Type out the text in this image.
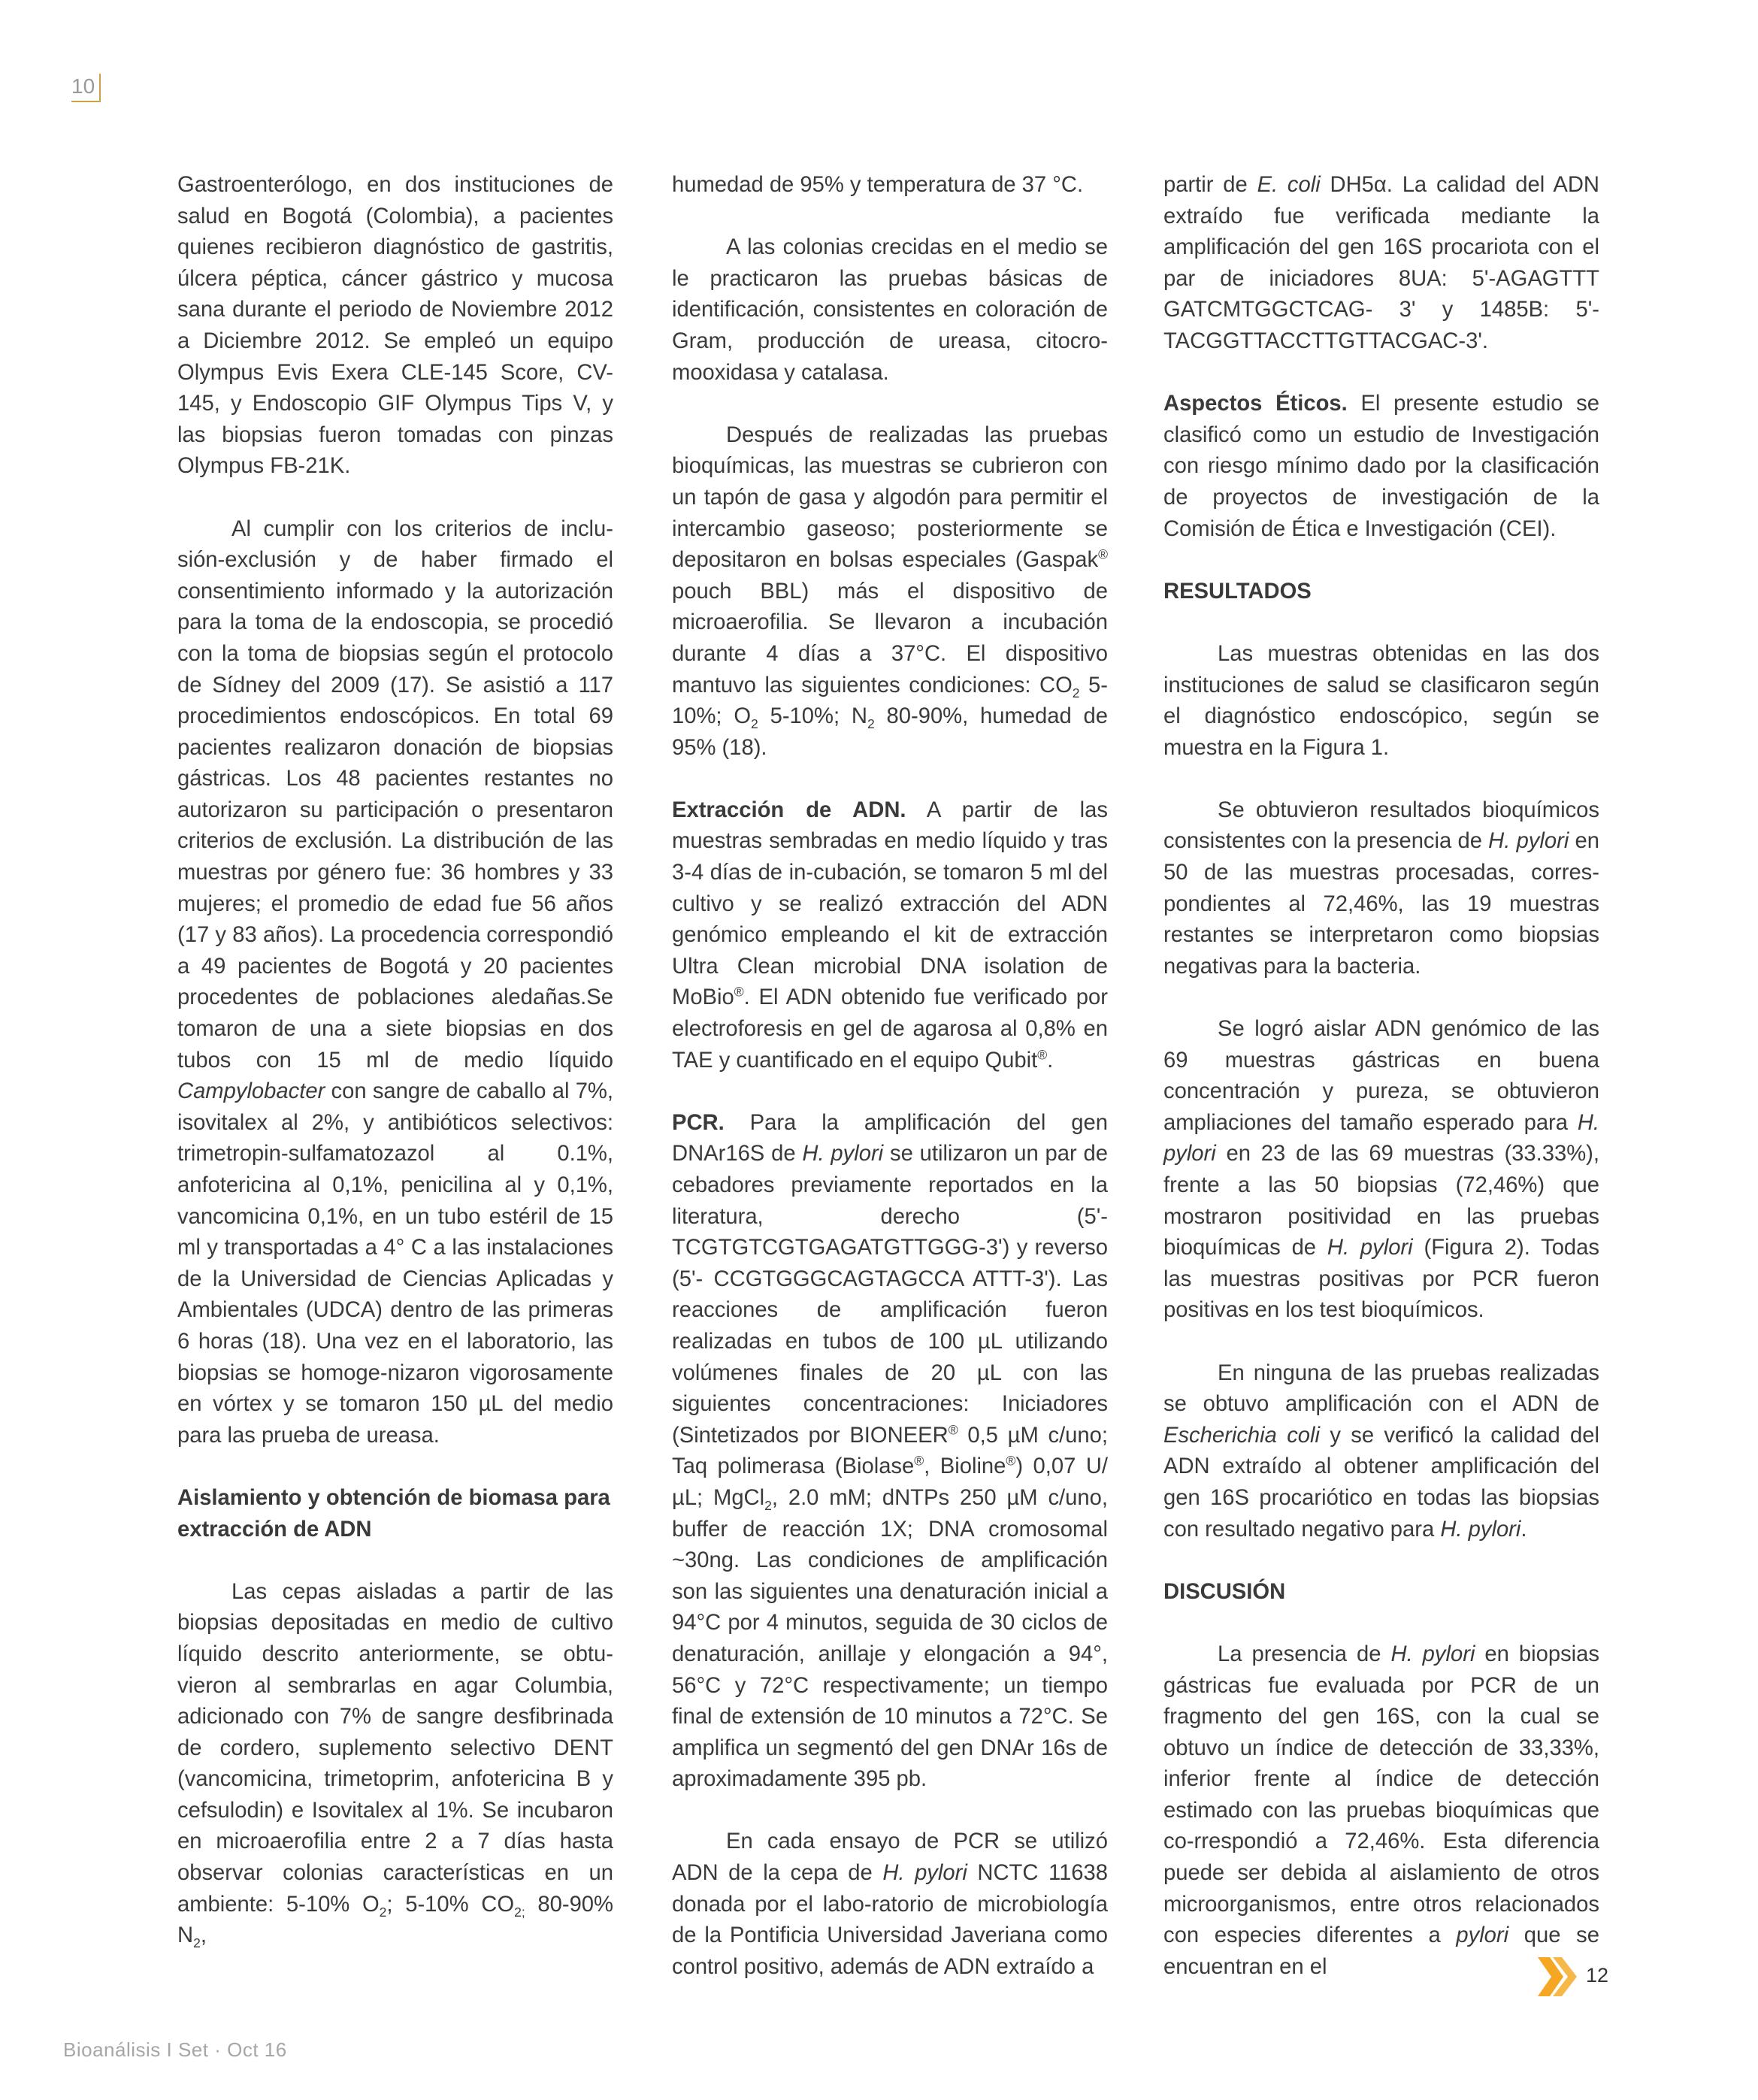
10

Gastroenterólogo, en dos instituciones de salud en Bogotá (Colombia), a pacientes quienes recibieron diagnóstico de gastritis, úlcera péptica, cáncer gástrico y mucosa sana durante el periodo de Noviembre 2012 a Diciembre 2012. Se empleó un equipo Olympus Evis Exera CLE-145 Score, CV-145, y Endoscopio GIF Olympus Tips V, y las biopsias fueron tomadas con pinzas Olympus FB-21K.

Al cumplir con los criterios de inclu-sión-exclusión y de haber firmado el consentimiento informado y la autorización para la toma de la endoscopia, se procedió con la toma de biopsias según el protocolo de Sídney del 2009 (17). Se asistió a 117 procedimientos endoscópicos. En total 69 pacientes realizaron donación de biopsias gástricas. Los 48 pacientes restantes no autorizaron su participación o presentaron criterios de exclusión. La distribución de las muestras por género fue: 36 hombres y 33 mujeres; el promedio de edad fue 56 años (17 y 83 años). La procedencia correspondió a 49 pacientes de Bogotá y 20 pacientes procedentes de poblaciones aledañas.Se tomaron de una a siete biopsias en dos tubos con 15 ml de medio líquido Campylobacter con sangre de caballo al 7%, isovitalex al 2%, y antibióticos selectivos: trimetropin-sulfamatozazol al 0.1%, anfotericina al 0,1%, penicilina al y 0,1%, vancomicina 0,1%, en un tubo estéril de 15 ml y transportadas a 4° C a las instalaciones de la Universidad de Ciencias Aplicadas y Ambientales (UDCA) dentro de las primeras 6 horas (18). Una vez en el laboratorio, las biopsias se homoge-nizaron vigorosamente en vórtex y se tomaron 150 µL del medio para las prueba de ureasa.

Aislamiento y obtención de biomasa para extracción de ADN

Las cepas aisladas a partir de las biopsias depositadas en medio de cultivo líquido descrito anteriormente, se obtu-vieron al sembrarlas en agar Columbia, adicionado con 7% de sangre desfibrinada de cordero, suplemento selectivo DENT (vancomicina, trimetoprim, anfotericina B y cefsulodin) e Isovitalex al 1%. Se incubaron en microaerofilia entre 2 a 7 días hasta observar colonias características en un ambiente: 5-10% $O_2$; 5-10% $CO_{2;}$ 80-90% $N_2$,

humedad de 95% y temperatura de 37 °C.

A las colonias crecidas en el medio se le practicaron las pruebas básicas de identificación, consistentes en coloración de Gram, producción de ureasa, citocro-mooxidasa y catalasa.

Después de realizadas las pruebas bioquímicas, las muestras se cubrieron con un tapón de gasa y algodón para permitir el intercambio gaseoso; posteriormente se depositaron en bolsas especiales (Gaspak® pouch BBL) más el dispositivo de microaerofilia. Se llevaron a incubación durante 4 días a 37°C. El dispositivo mantuvo las siguientes condiciones: $CO_2$ 5-10%; $O_2$ 5-10%; $N_2$ 80-90%, humedad de 95% (18).

Extracción de ADN. A partir de las muestras sembradas en medio líquido y tras 3-4 días de in-cubación, se tomaron 5 ml del cultivo y se realizó extracción del ADN genómico empleando el kit de extracción Ultra Clean microbial DNA isolation de MoBio®. El ADN obtenido fue verificado por electroforesis en gel de agarosa al 0,8% en TAE y cuantificado en el equipo Qubit®.

PCR. Para la amplificación del gen DNAr16S de H. pylori se utilizaron un par de cebadores previamente reportados en la literatura, derecho (5'-TCGTGTCGTGAGATGTTGGG-3') y reverso (5'- CCGTGGGCAGTAGCCA ATTT-3'). Las reacciones de amplificación fueron realizadas en tubos de 100 µL utilizando volúmenes finales de 20 µL con las siguientes concentraciones: Iniciadores (Sintetizados por BIONEER® 0,5 µM c/uno; Taq polimerasa (Biolase®, Bioline®) 0,07 U/µL; MgCl$_2$, 2.0 mM; dNTPs 250 µM c/uno, buffer de reacción 1X; DNA cromosomal ~30ng. Las condiciones de amplificación son las siguientes una denaturación inicial a 94°C por 4 minutos, seguida de 30 ciclos de denaturación, anillaje y elongación a 94°, 56°C y 72°C respectivamente; un tiempo final de extensión de 10 minutos a 72°C. Se amplifica un segmentó del gen DNAr 16s de aproximadamente 395 pb.

En cada ensayo de PCR se utilizó ADN de la cepa de H. pylori NCTC 11638 donada por el labo-ratorio de microbiología de la Pontificia Universidad Javeriana como control positivo, además de ADN extraído a

partir de E. coli DH5α. La calidad del ADN extraído fue verificada mediante la amplificación del gen 16S procariota con el par de iniciadores 8UA: 5'-AGAGTTT GATCMTGGCTCAG- 3' y 1485B: 5'-TACGGTTACCTTGTTACGAC-3'.

Aspectos Éticos. El presente estudio se clasificó como un estudio de Investigación con riesgo mínimo dado por la clasificación de proyectos de investigación de la Comisión de Ética e Investigación (CEI).

RESULTADOS

Las muestras obtenidas en las dos instituciones de salud se clasificaron según el diagnóstico endoscópico, según se muestra en la Figura 1.

Se obtuvieron resultados bioquímicos consistentes con la presencia de H. pylori en 50 de las muestras procesadas, corres-pondientes al 72,46%, las 19 muestras restantes se interpretaron como biopsias negativas para la bacteria.

Se logró aislar ADN genómico de las 69 muestras gástricas en buena concentración y pureza, se obtuvieron ampliaciones del tamaño esperado para H. pylori en 23 de las 69 muestras (33.33%), frente a las 50 biopsias (72,46%) que mostraron positividad en las pruebas bioquímicas de H. pylori (Figura 2). Todas las muestras positivas por PCR fueron positivas en los test bioquímicos.

En ninguna de las pruebas realizadas se obtuvo amplificación con el ADN de Escherichia coli y se verificó la calidad del ADN extraído al obtener amplificación del gen 16S procariótico en todas las biopsias con resultado negativo para H. pylori.

DISCUSIÓN

La presencia de H. pylori en biopsias gástricas fue evaluada por PCR de un fragmento del gen 16S, con la cual se obtuvo un índice de detección de 33,33%, inferior frente al índice de detección estimado con las pruebas bioquímicas que co-rrespondió a 72,46%. Esta diferencia puede ser debida al aislamiento de otros microorganismos, entre otros relacionados con especies diferentes a pylori que se encuentran en el	12
Bioanálisis I Set · Oct 16
